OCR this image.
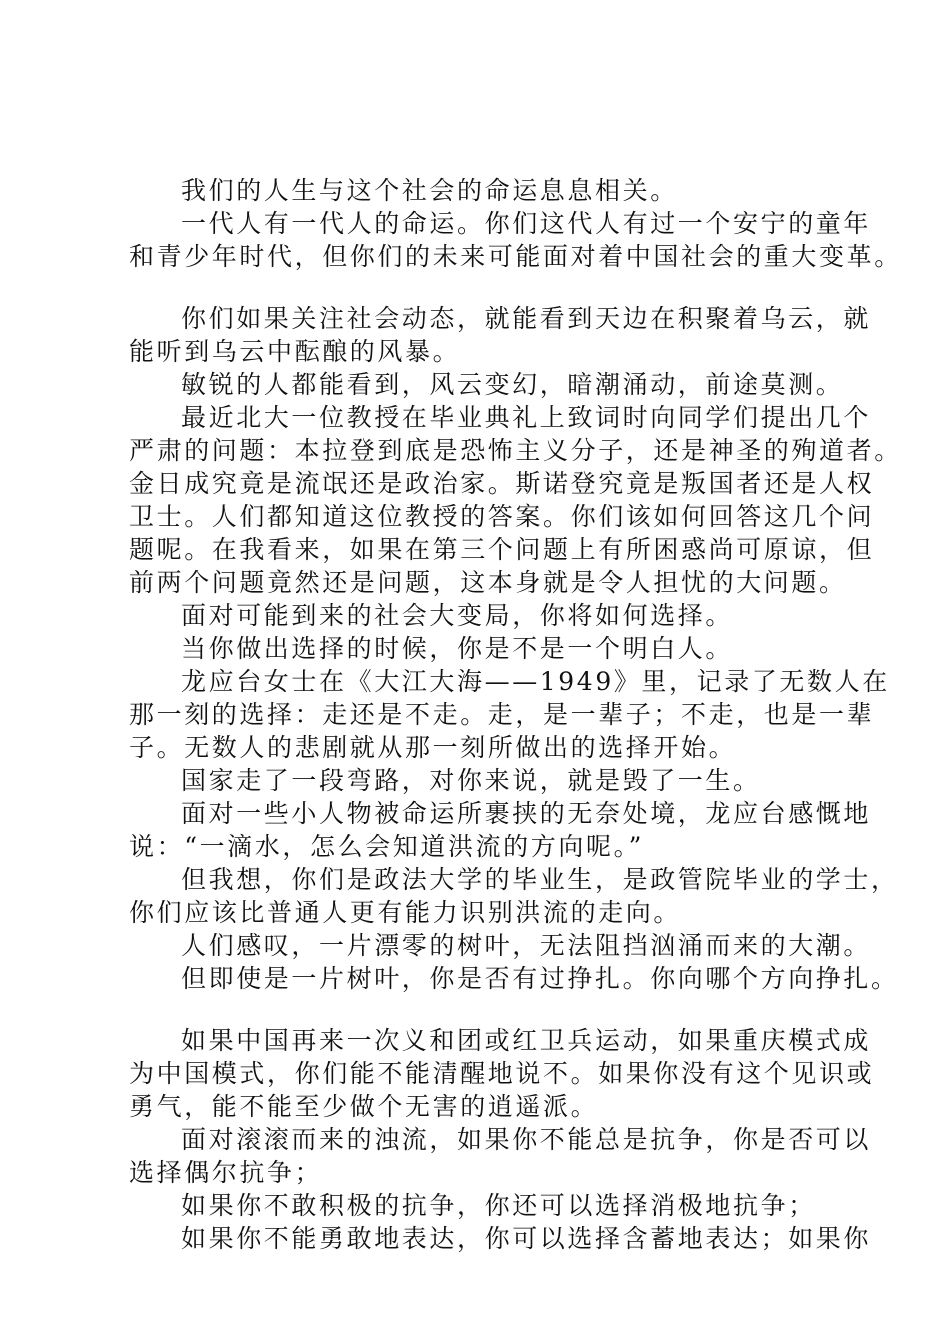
我们的人生与这个社会的命运息息相关。
一代人有一代人的命运。你们这代人有过一个安宁的童年
和青少年时代，但你们的未来可能面对着中国社会的重大变革。
你们如果关注社会动态，就能看到天边在积聚着乌云，就
能听到乌云中酝酿的风暴。
敏锐的人都能看到，风云变幻，暗潮涌动，前途莫测。
最近北大一位教授在毕业典礼上致词时向同学们提出几个
严肃的问题：本拉登到底是恐怖主义分子，还是神圣的殉道者。
金日成究竟是流氓还是政治家。斯诺登究竟是叛国者还是人权
卫士。人们都知道这位教授的答案。你们该如何回答这几个问
题呢。在我看来，如果在第三个问题上有所困惑尚可原谅，但
前两个问题竟然还是问题，这本身就是令人担忧的大问题。
面对可能到来的社会大变局，你将如何选择。
当你做出选择的时候，你是不是一个明白人。
龙应台女士在《大江大海——1949》里，记录了无数人在
那一刻的选择：走还是不走。走，是一辈子；不走，也是一辈
子。无数人的悲剧就从那一刻所做出的选择开始。
国家走了一段弯路，对你来说，就是毁了一生。
面对一些小人物被命运所裹挟的无奈处境，龙应台感慨地
说：“一滴水，怎么会知道洪流的方向呢。”
但我想，你们是政法大学的毕业生，是政管院毕业的学士，
你们应该比普通人更有能力识别洪流的走向。
人们感叹，一片漂零的树叶，无法阻挡汹涌而来的大潮。
但即使是一片树叶，你是否有过挣扎。你向哪个方向挣扎。
如果中国再来一次义和团或红卫兵运动，如果重庆模式成
为中国模式，你们能不能清醒地说不。如果你没有这个见识或
勇气，能不能至少做个无害的逍遥派。
面对滚滚而来的浊流，如果你不能总是抗争，你是否可以
选择偶尔抗争；
如果你不敢积极的抗争，你还可以选择消极地抗争；
如果你不能勇敢地表达，你可以选择含蓄地表达；如果你
